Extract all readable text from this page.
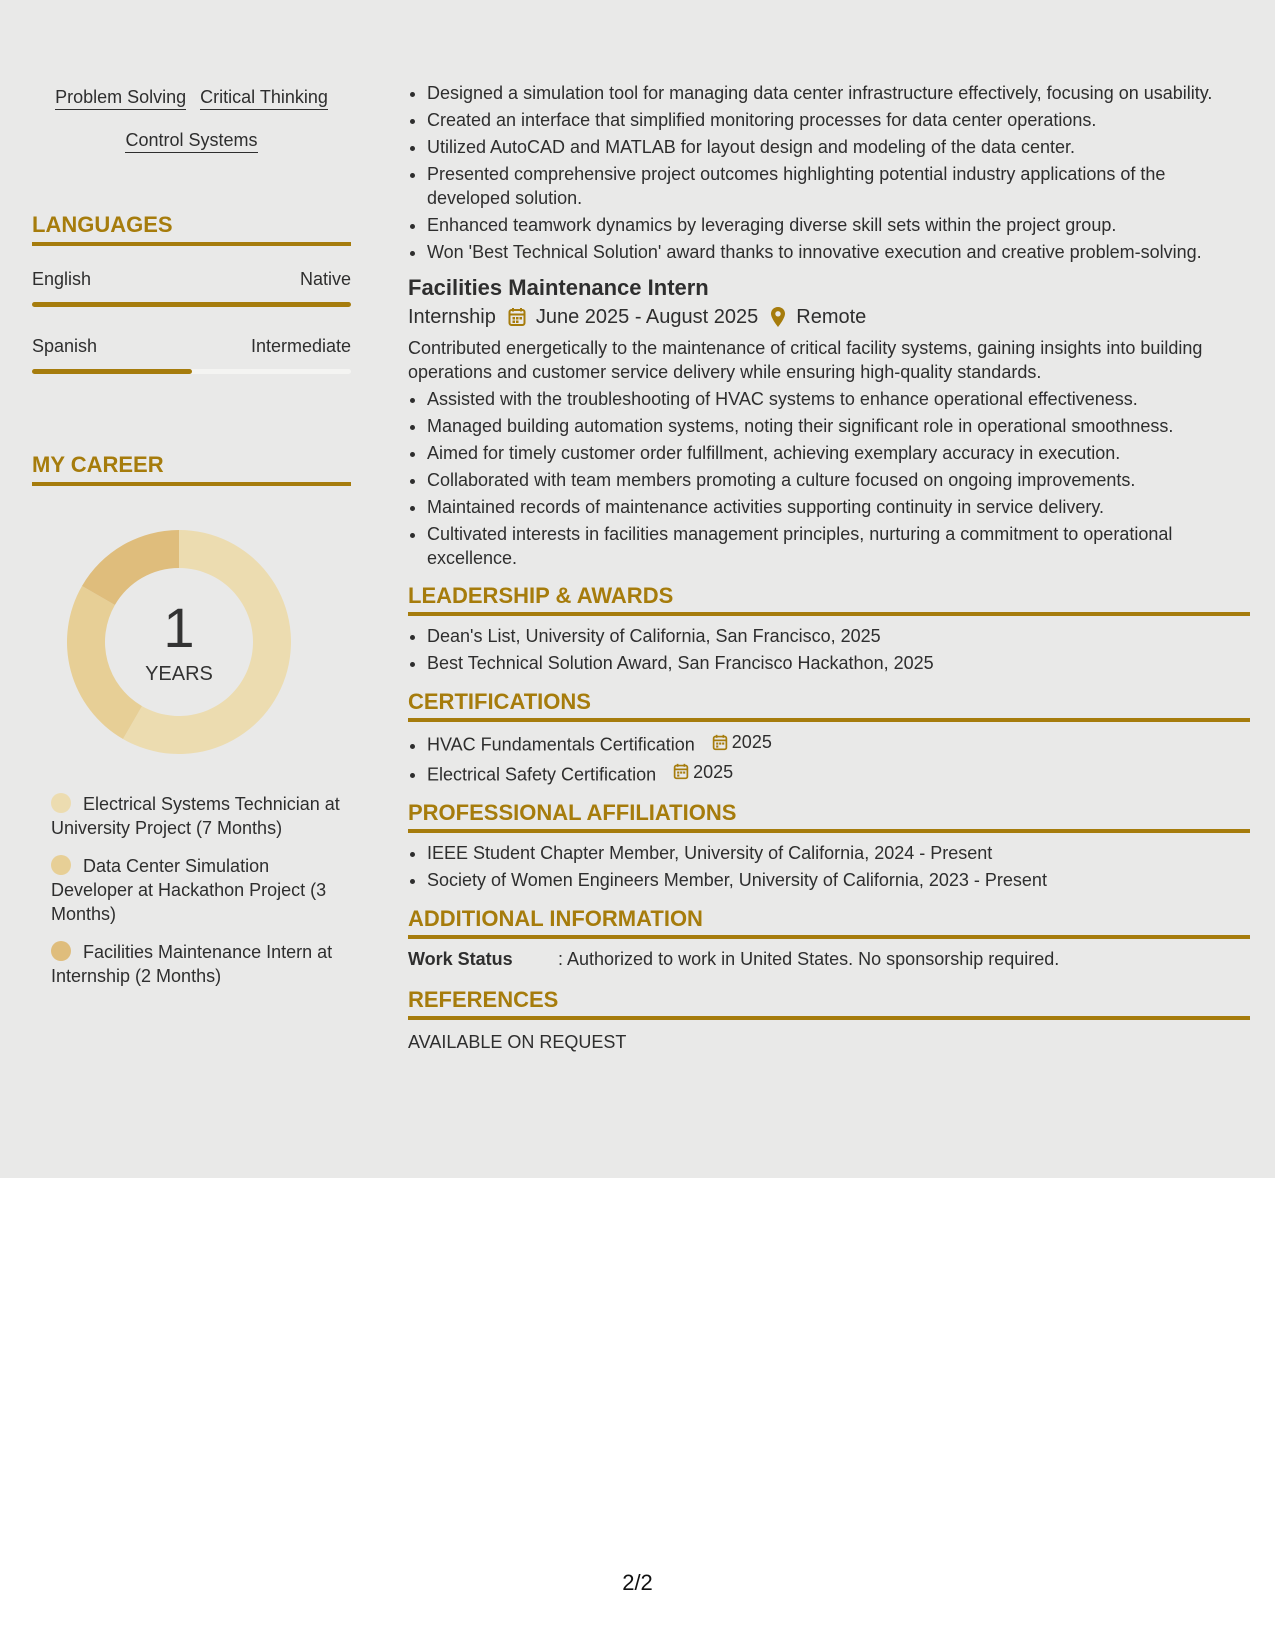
Problem Solving Critical Thinking
Control Systems
LANGUAGES
English	Native
Spanish	Intermediate
MY CAREER
1
YEARS
Electrical Systems Technician at University Project (7 Months)
Data Center Simulation Developer at Hackathon Project (3 Months)
Facilities Maintenance Intern at Internship (2 Months)
• Designed a simulation tool for managing data center infrastructure effectively, focusing on usability.
• Created an interface that simplified monitoring processes for data center operations.
• Utilized AutoCAD and MATLAB for layout design and modeling of the data center.
• Presented comprehensive project outcomes highlighting potential industry applications of the developed solution.
• Enhanced teamwork dynamics by leveraging diverse skill sets within the project group.
• Won 'Best Technical Solution' award thanks to innovative execution and creative problem-solving.
Facilities Maintenance Intern
Internship June 2025 - August 2025 Remote
Contributed energetically to the maintenance of critical facility systems, gaining insights into building operations and customer service delivery while ensuring high-quality standards.
• Assisted with the troubleshooting of HVAC systems to enhance operational effectiveness.
• Managed building automation systems, noting their significant role in operational smoothness.
• Aimed for timely customer order fulfillment, achieving exemplary accuracy in execution.
• Collaborated with team members promoting a culture focused on ongoing improvements.
• Maintained records of maintenance activities supporting continuity in service delivery.
• Cultivated interests in facilities management principles, nurturing a commitment to operational excellence.
LEADERSHIP & AWARDS
• Dean's List, University of California, San Francisco, 2025
• Best Technical Solution Award, San Francisco Hackathon, 2025
CERTIFICATIONS
• HVAC Fundamentals Certification 2025
• Electrical Safety Certification 2025
PROFESSIONAL AFFILIATIONS
• IEEE Student Chapter Member, University of California, 2024 - Present
• Society of Women Engineers Member, University of California, 2023 - Present
ADDITIONAL INFORMATION
Work Status	: Authorized to work in United States. No sponsorship required.
REFERENCES
AVAILABLE ON REQUEST
2/2
